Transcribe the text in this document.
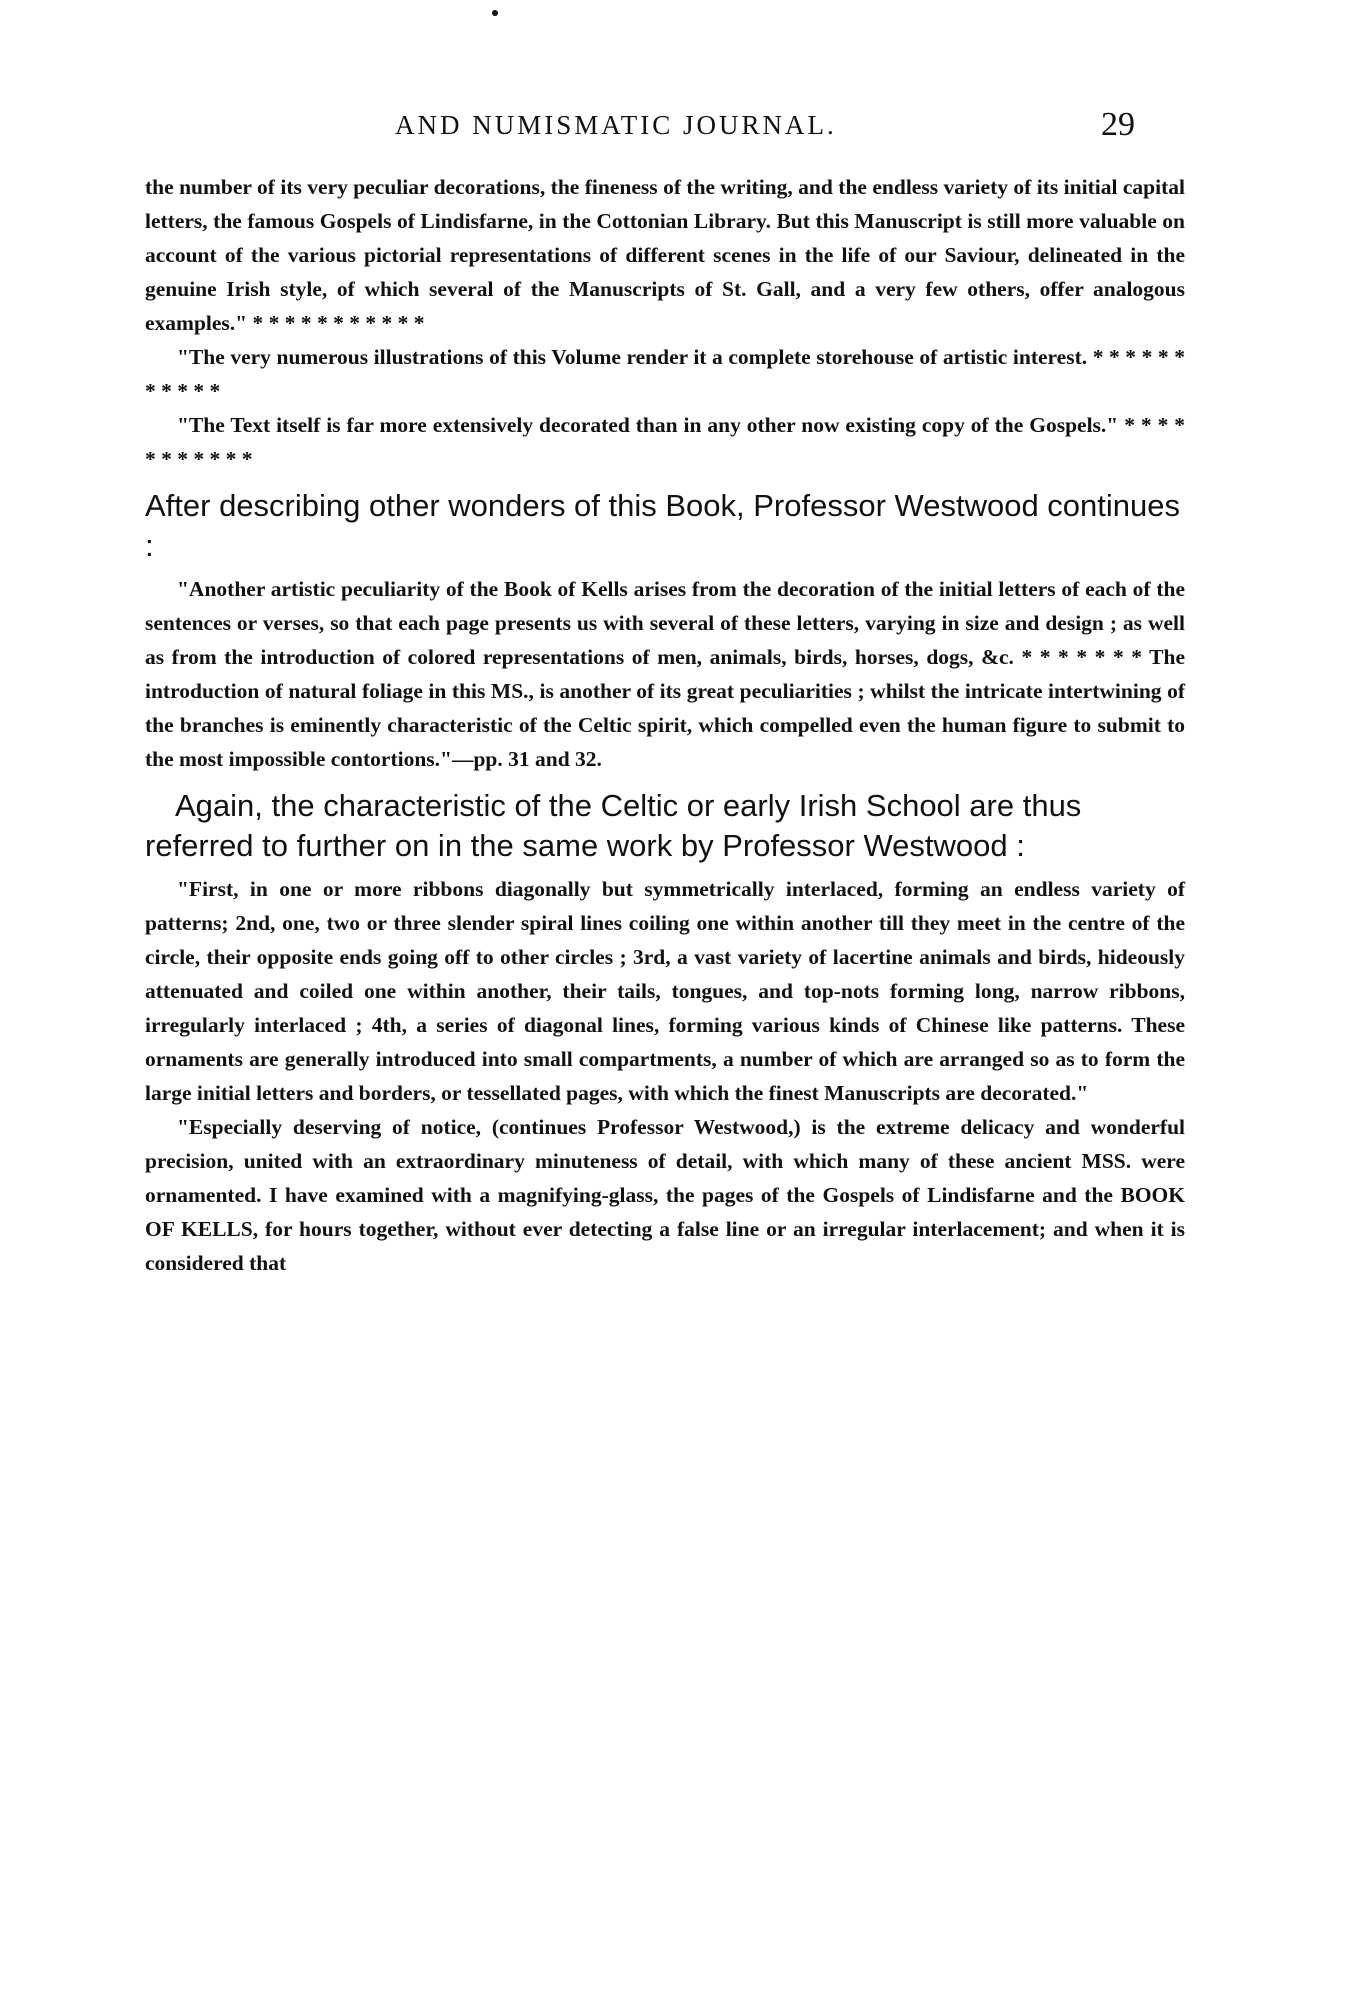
AND NUMISMATIC JOURNAL.	29

the number of its very peculiar decorations, the fineness of the writing, and the endless variety of its initial capital letters, the famous Gospels of Lindisfarne, in the Cottonian Library. But this Manuscript is still more valuable on account of the various pictorial representations of different scenes in the life of our Saviour, delineated in the genuine Irish style, of which several of the Manuscripts of St. Gall, and a very few others, offer analogous examples." * * * * * * * * * * *

"The very numerous illustrations of this Volume render it a complete storehouse of artistic interest. * * * * * * * * * * *

"The Text itself is far more extensively decorated than in any other now existing copy of the Gospels." * * * * * * * * * * *

After describing other wonders of this Book, Professor Westwood continues :

"Another artistic peculiarity of the Book of Kells arises from the decoration of the initial letters of each of the sentences or verses, so that each page presents us with several of these letters, varying in size and design ; as well as from the introduction of colored representations of men, animals, birds, horses, dogs, &c. * * * * * * * The introduction of natural foliage in this MS., is another of its great peculiarities ; whilst the intricate intertwining of the branches is eminently characteristic of the Celtic spirit, which compelled even the human figure to submit to the most impossible contortions."—pp. 31 and 32.

Again, the characteristic of the Celtic or early Irish School are thus referred to further on in the same work by Professor Westwood :

"First, in one or more ribbons diagonally but symmetrically interlaced, forming an endless variety of patterns; 2nd, one, two or three slender spiral lines coiling one within another till they meet in the centre of the circle, their opposite ends going off to other circles ; 3rd, a vast variety of lacertine animals and birds, hideously attenuated and coiled one within another, their tails, tongues, and top-nots forming long, narrow ribbons, irregularly interlaced ; 4th, a series of diagonal lines, forming various kinds of Chinese like patterns. These ornaments are generally introduced into small compartments, a number of which are arranged so as to form the large initial letters and borders, or tessellated pages, with which the finest Manuscripts are decorated."

"Especially deserving of notice, (continues Professor Westwood,) is the extreme delicacy and wonderful precision, united with an extraordinary minuteness of detail, with which many of these ancient MSS. were ornamented. I have examined with a magnifying-glass, the pages of the Gospels of Lindisfarne and the BOOK OF KELLS, for hours together, without ever detecting a false line or an irregular interlacement; and when it is considered that
